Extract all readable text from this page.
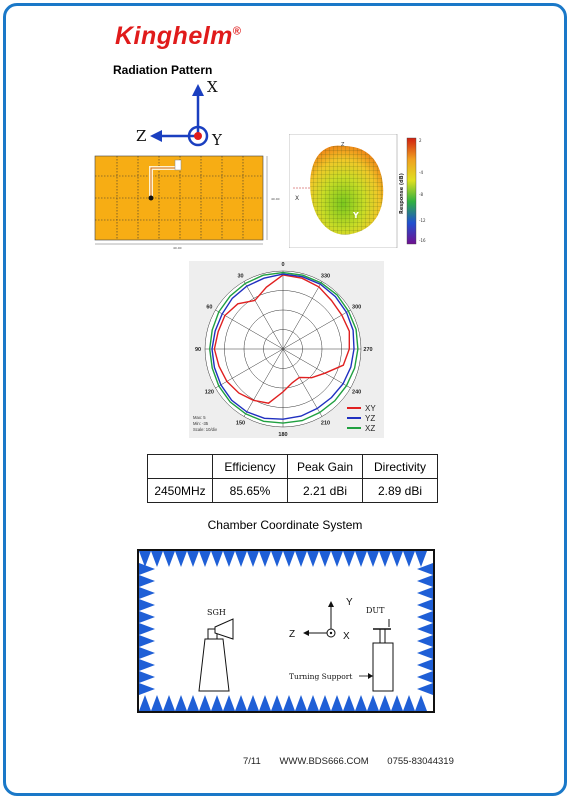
Kinghelm®
Radiation Pattern
X
Z	Y
40.00
40.00
Z
X
Y
Response (dB)
2
-4
-8
-12
-16
0
30
60
90
120
150
180
210
240
270
300
330
Max: 5
Min: -35
Scale: 10/div
XY
YZ
XZ
	Efficiency	Peak Gain	Directivity
2450MHz	85.65%	2.21 dBi	2.89 dBi
Chamber Coordinate System
SGH	DUT
Turning Support
Y
Z	X
7/11 WWW.BDS666.COM 0755-83044319
